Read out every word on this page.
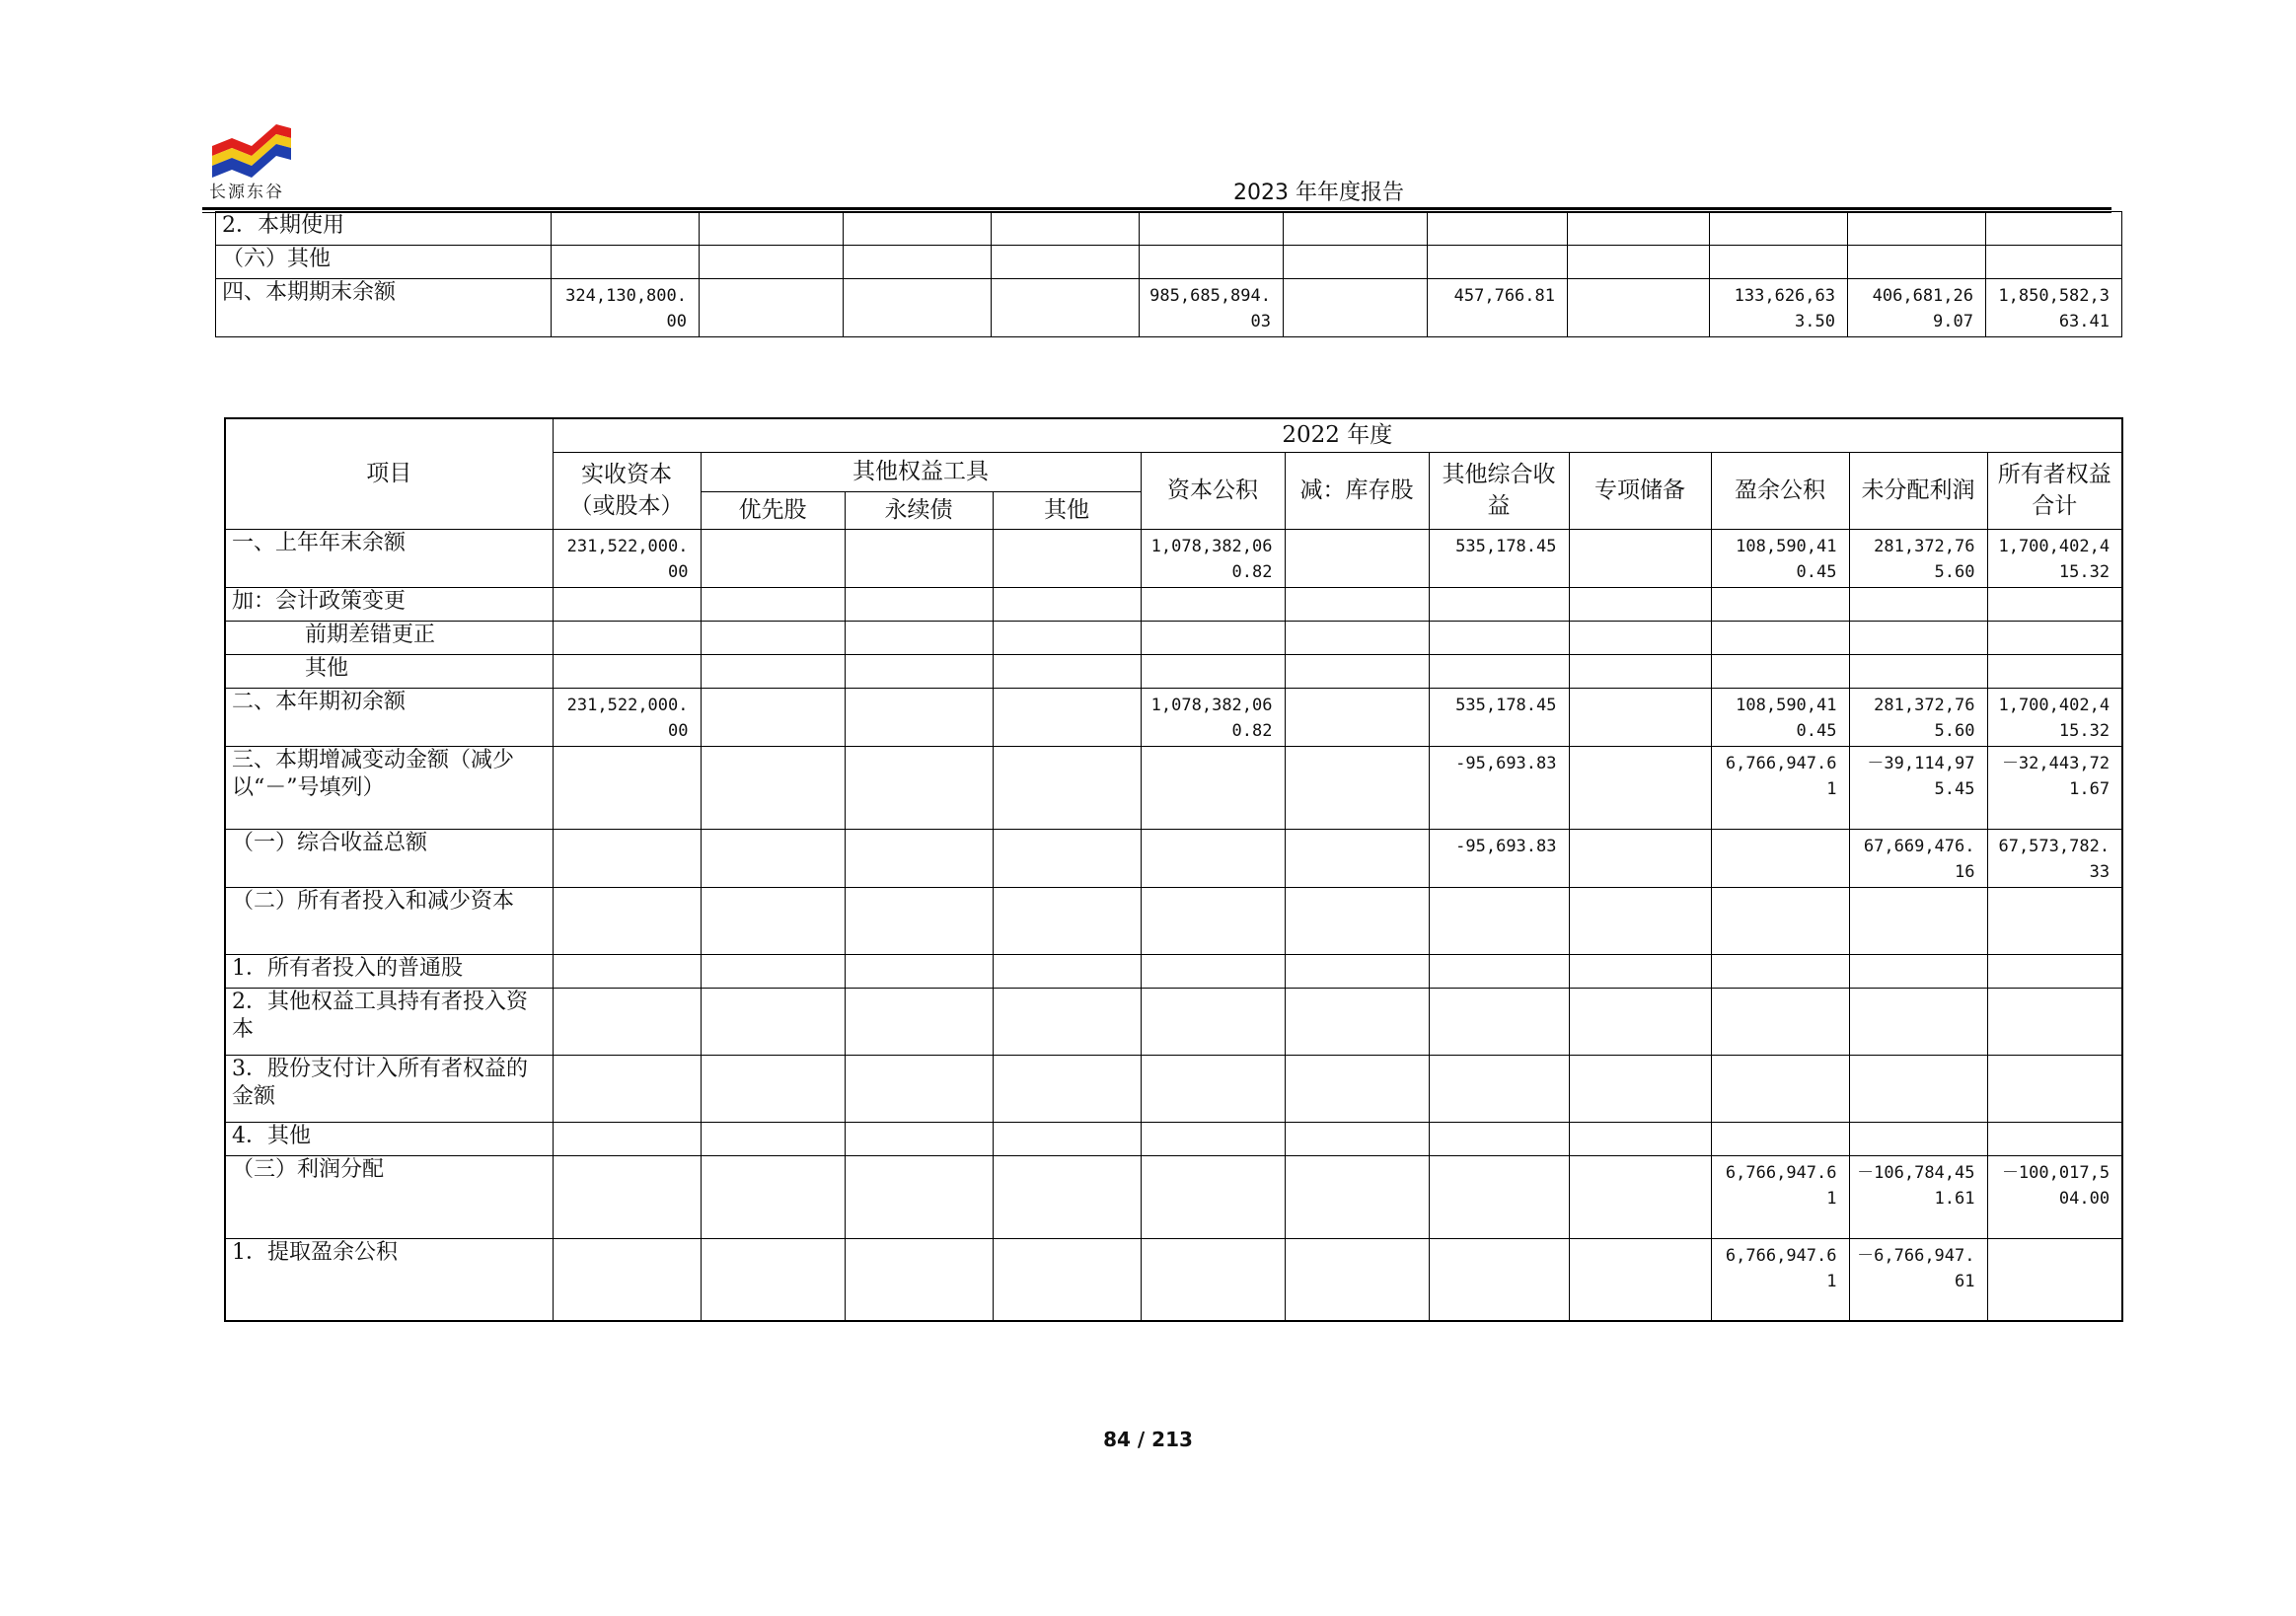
长源东谷	2023 年年度报告
2．本期使用											
（六）其他											
四、本期期末余额	324,130,800.00				985,685,894.03		457,766.81		133,626,633.50	406,681,269.07	1,850,582,363.41
项目	2022 年度										
	实收资本（或股本）	其他权益工具			资本公积	减：库存股	其他综合收益	专项储备	盈余公积	未分配利润	所有者权益合计
		优先股	永续债	其他							
一、上年年末余额	231,522,000.00				1,078,382,060.82		535,178.45		108,590,410.45	281,372,765.60	1,700,402,415.32
加：会计政策变更											
前期差错更正											
其他											
二、本年期初余额	231,522,000.00				1,078,382,060.82		535,178.45		108,590,410.45	281,372,765.60	1,700,402,415.32
三、本期增减变动金额（减少以“－”号填列）							-95,693.83		6,766,947.61	－39,114,975.45	－32,443,721.67
（一）综合收益总额							-95,693.83			67,669,476.16	67,573,782.33
（二）所有者投入和减少资本											
1．所有者投入的普通股											
2．其他权益工具持有者投入资本											
3．股份支付计入所有者权益的金额											
4．其他											
（三）利润分配									6,766,947.61	－106,784,451.61	－100,017,504.00
1．提取盈余公积									6,766,947.61	－6,766,947.61	
84 / 213
